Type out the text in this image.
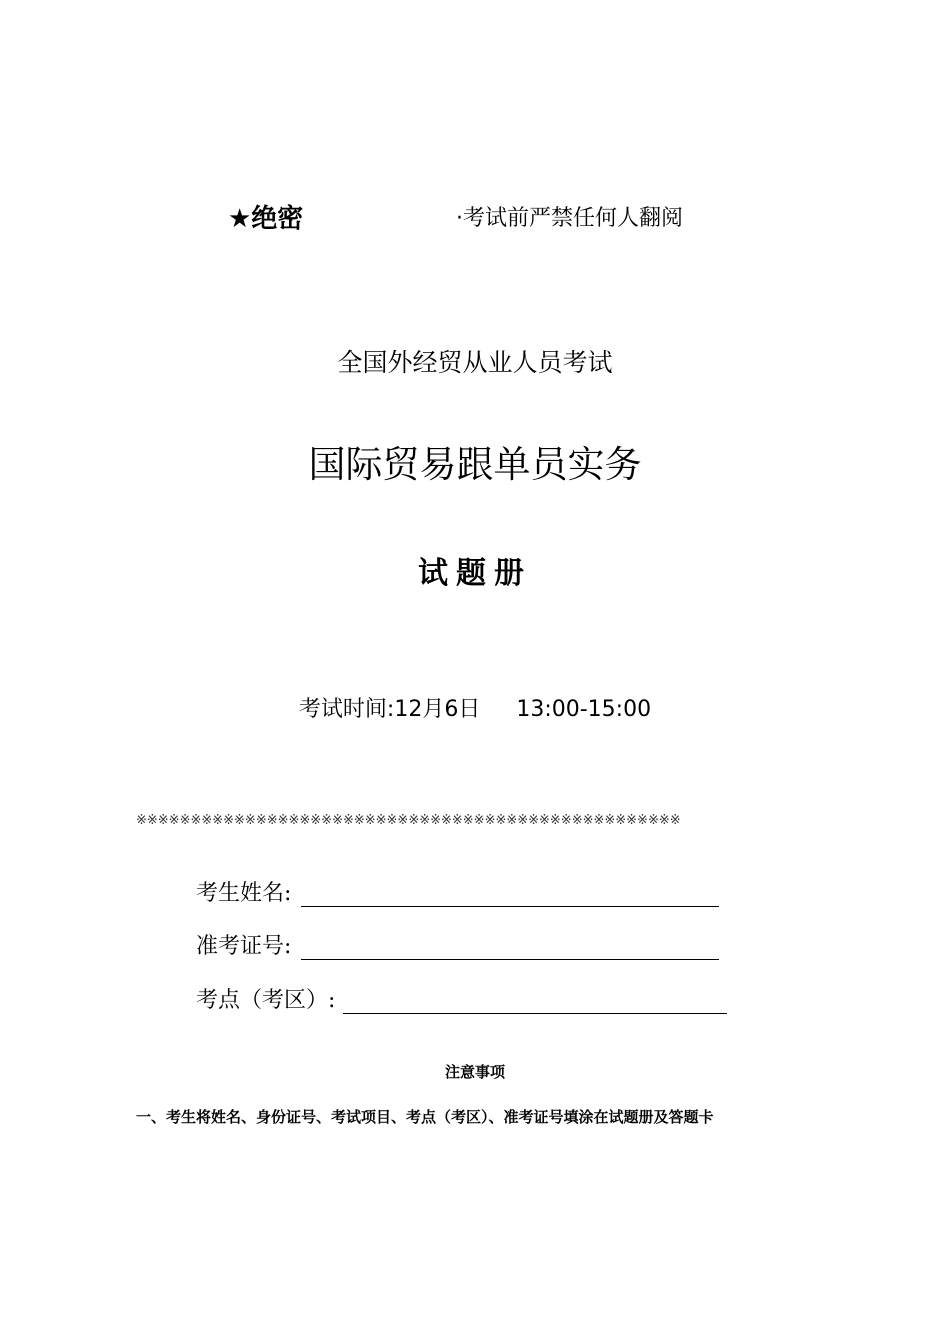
★绝密	·考试前严禁任何人翻阅
全国外经贸从业人员考试
国际贸易跟单员实务
试题册
考试时间:12月6日 13:00-15:00
※※※※※※※※※※※※※※※※※※※※※※※※※※※※※※※※※※※※※※※※※※※※※※※※※※
考生姓名:
准考证号:
考点（考区）:
注意事项
一、考生将姓名、身份证号、考试项目、考点（考区）、准考证号填涂在试题册及答题卡
